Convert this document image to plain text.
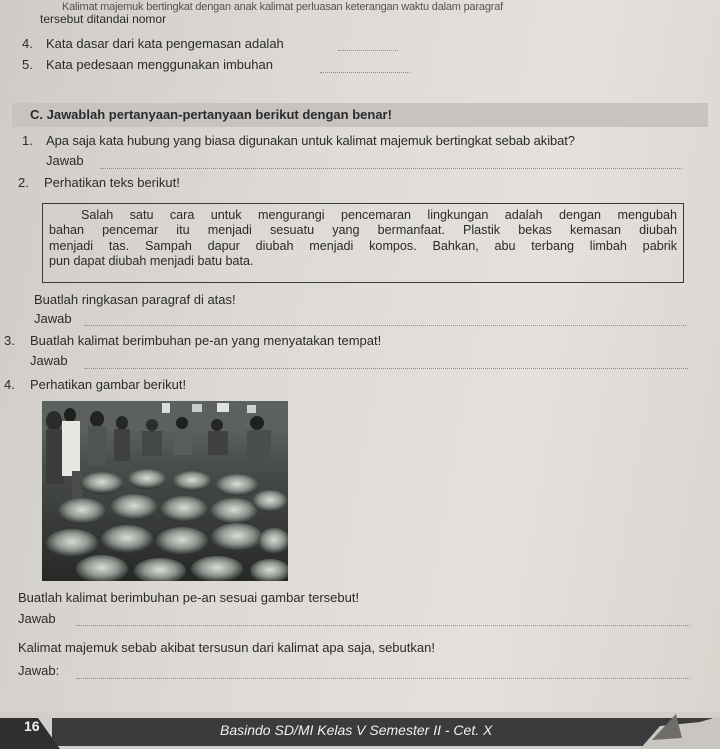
Kalimat majemuk bertingkat dengan anak kalimat perluasan keterangan waktu dalam paragraf
tersebut ditandai nomor
4. Kata dasar dari kata pengemasan adalah
5. Kata pedesaan menggunakan imbuhan
C. Jawablah pertanyaan-pertanyaan berikut dengan benar!
1. Apa saja kata hubung yang biasa digunakan untuk kalimat majemuk bertingkat sebab akibat?
Jawab
2. Perhatikan teks berikut!
Salah satu cara untuk mengurangi pencemaran lingkungan adalah dengan mengubah
bahan pencemar itu menjadi sesuatu yang bermanfaat. Plastik bekas kemasan diubah
menjadi tas. Sampah dapur diubah menjadi kompos. Bahkan, abu terbang limbah pabrik
pun dapat diubah menjadi batu bata.
Buatlah ringkasan paragraf di atas!
Jawab
3. Buatlah kalimat berimbuhan pe-an yang menyatakan tempat!
Jawab
4. Perhatikan gambar berikut!
Buatlah kalimat berimbuhan pe-an sesuai gambar tersebut!
Jawab
Kalimat majemuk sebab akibat tersusun dari kalimat apa saja, sebutkan!
Jawab:
16	Basindo SD/MI Kelas V Semester II - Cet. X
